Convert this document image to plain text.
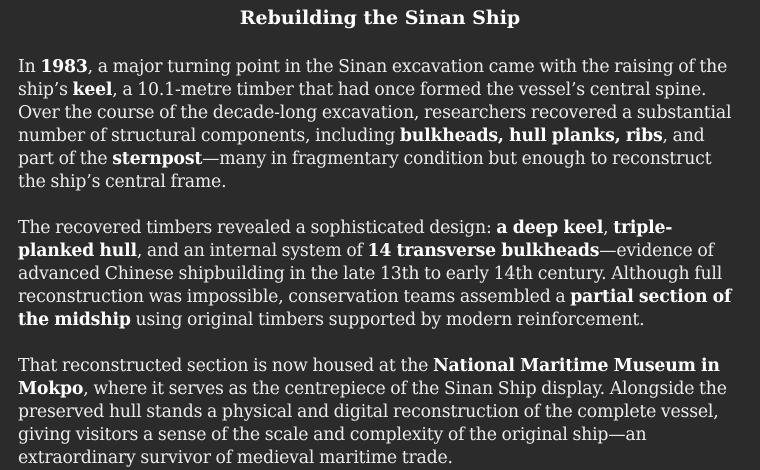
Rebuilding the Sinan Ship

In 1983, a major turning point in the Sinan excavation came with the raising of the ship’s keel, a 10.1-metre timber that had once formed the vessel’s central spine. Over the course of the decade-long excavation, researchers recovered a substantial number of structural components, including bulkheads, hull planks, ribs, and part of the sternpost—many in fragmentary condition but enough to reconstruct the ship’s central frame.

The recovered timbers revealed a sophisticated design: a deep keel, triple-planked hull, and an internal system of 14 transverse bulkheads—evidence of advanced Chinese shipbuilding in the late 13th to early 14th century. Although full reconstruction was impossible, conservation teams assembled a partial section of the midship using original timbers supported by modern reinforcement.

That reconstructed section is now housed at the National Maritime Museum in Mokpo, where it serves as the centrepiece of the Sinan Ship display. Alongside the preserved hull stands a physical and digital reconstruction of the complete vessel, giving visitors a sense of the scale and complexity of the original ship—an extraordinary survivor of medieval maritime trade.
